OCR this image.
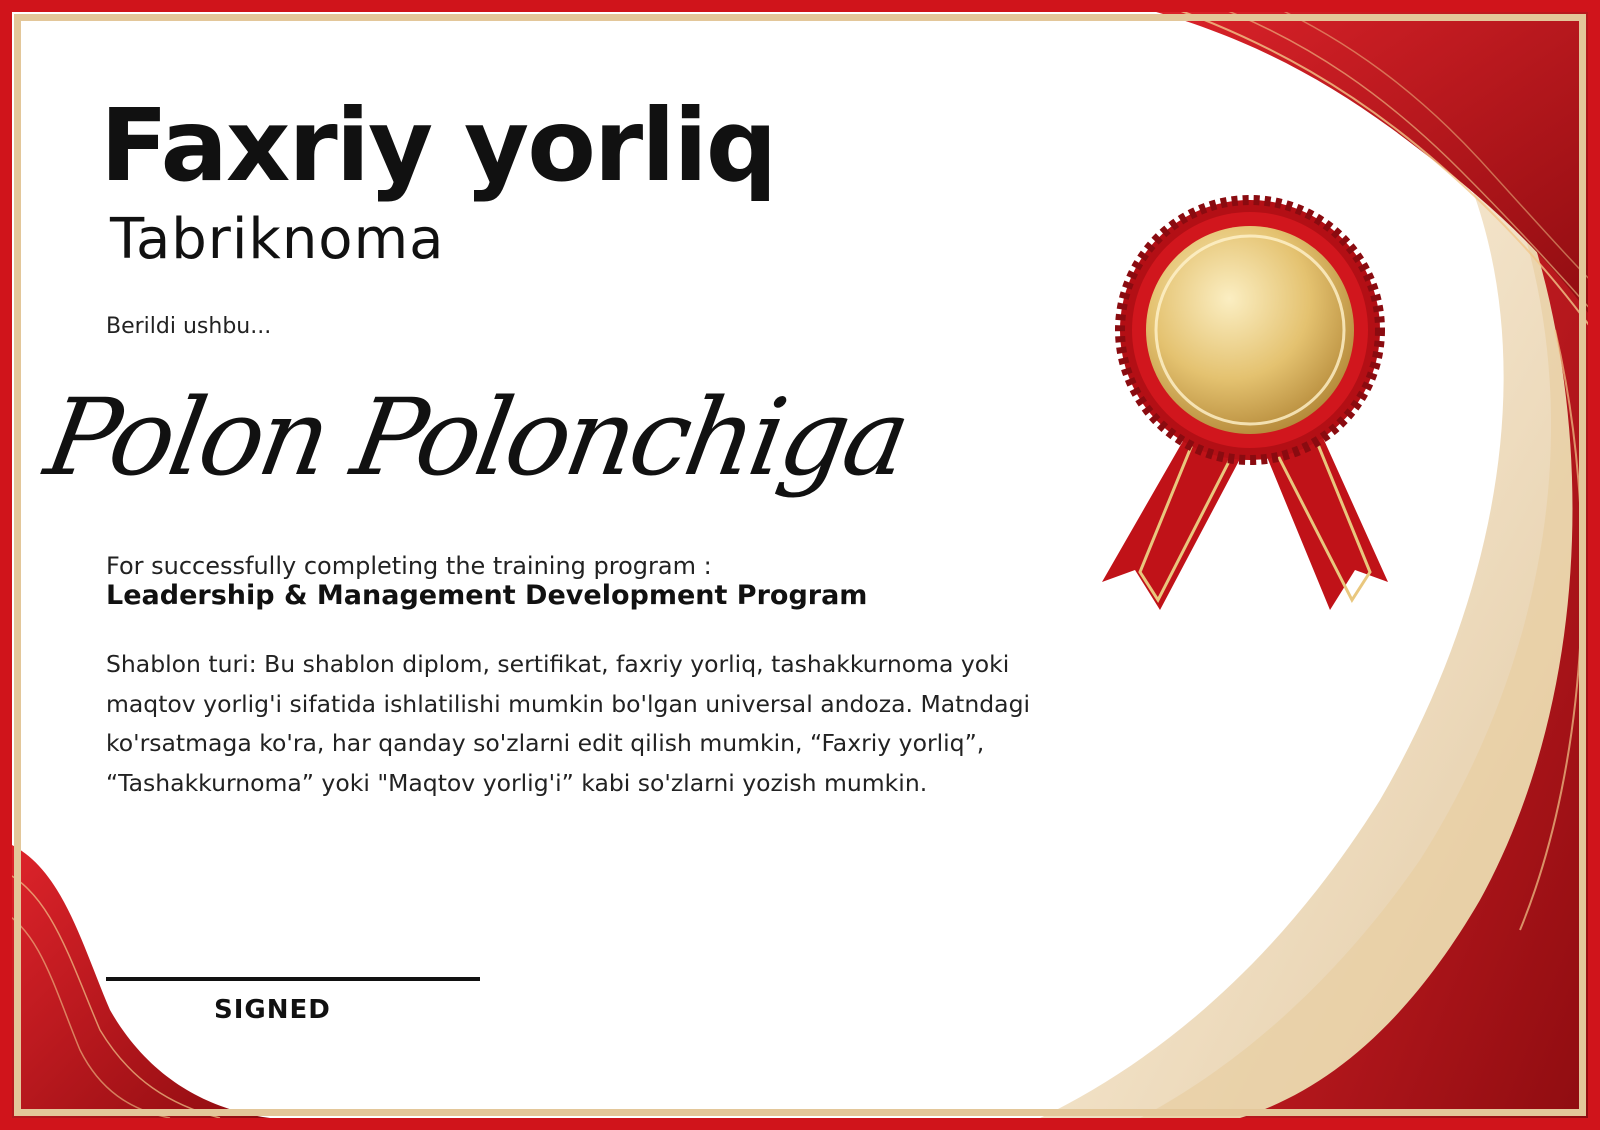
Faxriy yorliq
Tabriknoma
Berildi ushbu...
Polon Polonchiga
For successfully completing the training program :
Leadership & Management Development Program
Shablon turi: Bu shablon diplom, sertifikat, faxriy yorliq, tashakkurnoma yoki maqtov yorlig'i sifatida ishlatilishi mumkin bo'lgan universal andoza. Matndagi ko'rsatmaga ko'ra, har qanday so'zlarni edit qilish mumkin, “Faxriy yorliq”, “Tashakkurnoma” yoki "Maqtov yorlig'i” kabi so'zlarni yozish mumkin.
SIGNED
